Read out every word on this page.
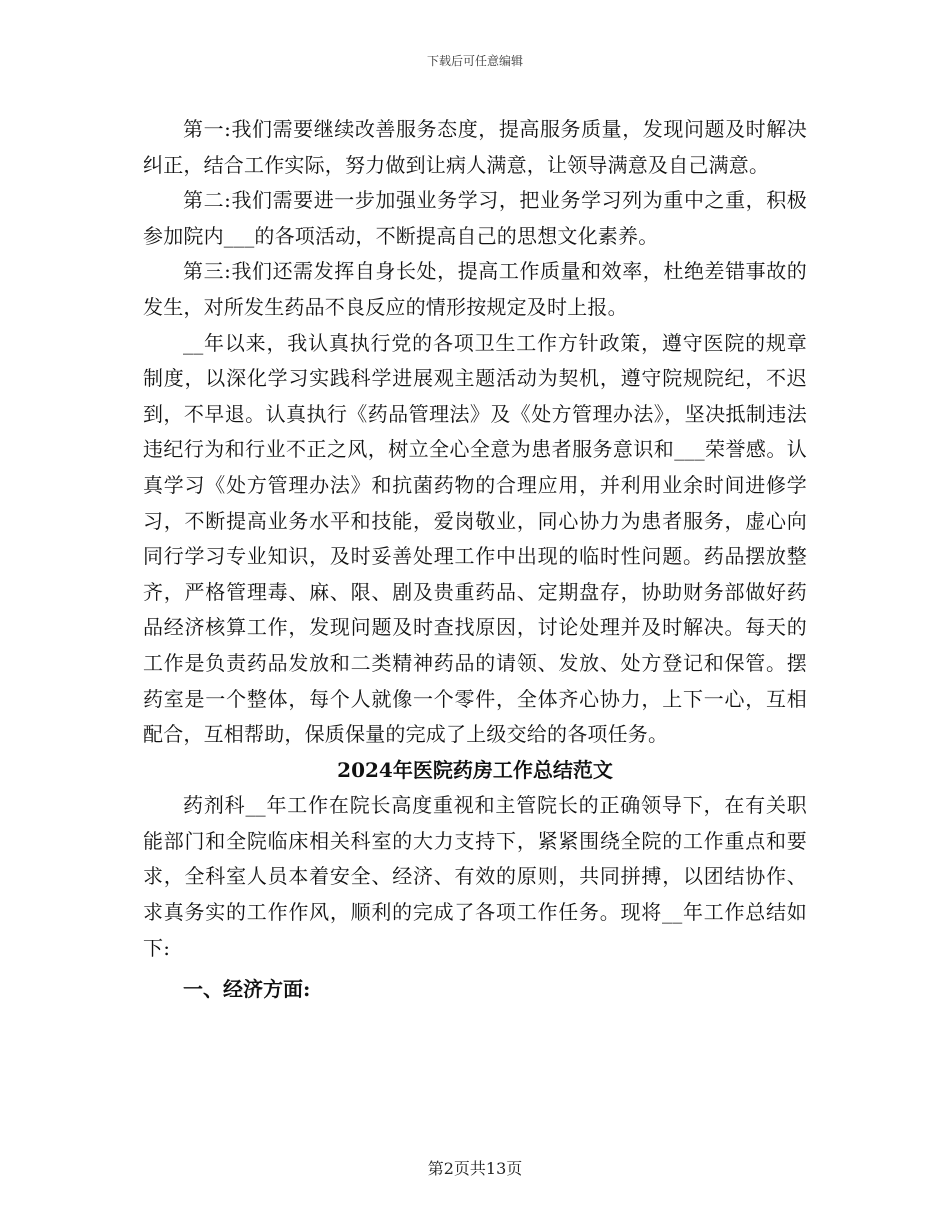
下载后可任意编辑

第一:我们需要继续改善服务态度，提高服务质量，发现问题及时解决纠正，结合工作实际，努力做到让病人满意，让领导满意及自己满意。

第二:我们需要进一步加强业务学习，把业务学习列为重中之重，积极参加院内___的各项活动，不断提高自己的思想文化素养。

第三:我们还需发挥自身长处，提高工作质量和效率，杜绝差错事故的发生，对所发生药品不良反应的情形按规定及时上报。

__年以来，我认真执行党的各项卫生工作方针政策，遵守医院的规章制度，以深化学习实践科学进展观主题活动为契机，遵守院规院纪，不迟到，不早退。认真执行《药品管理法》及《处方管理办法》，坚决抵制违法违纪行为和行业不正之风，树立全心全意为患者服务意识和___荣誉感。认真学习《处方管理办法》和抗菌药物的合理应用，并利用业余时间进修学习，不断提高业务水平和技能，爱岗敬业，同心协力为患者服务，虚心向同行学习专业知识，及时妥善处理工作中出现的临时性问题。药品摆放整齐，严格管理毒、麻、限、剧及贵重药品、定期盘存，协助财务部做好药品经济核算工作，发现问题及时查找原因，讨论处理并及时解决。每天的工作是负责药品发放和二类精神药品的请领、发放、处方登记和保管。摆药室是一个整体，每个人就像一个零件，全体齐心协力，上下一心，互相配合，互相帮助，保质保量的完成了上级交给的各项任务。

2024年医院药房工作总结范文

药剂科__年工作在院长高度重视和主管院长的正确领导下，在有关职能部门和全院临床相关科室的大力支持下，紧紧围绕全院的工作重点和要求，全科室人员本着安全、经济、有效的原则，共同拼搏，以团结协作、求真务实的工作作风，顺利的完成了各项工作任务。现将__年工作总结如下:

一、经济方面:
第2页共13页
